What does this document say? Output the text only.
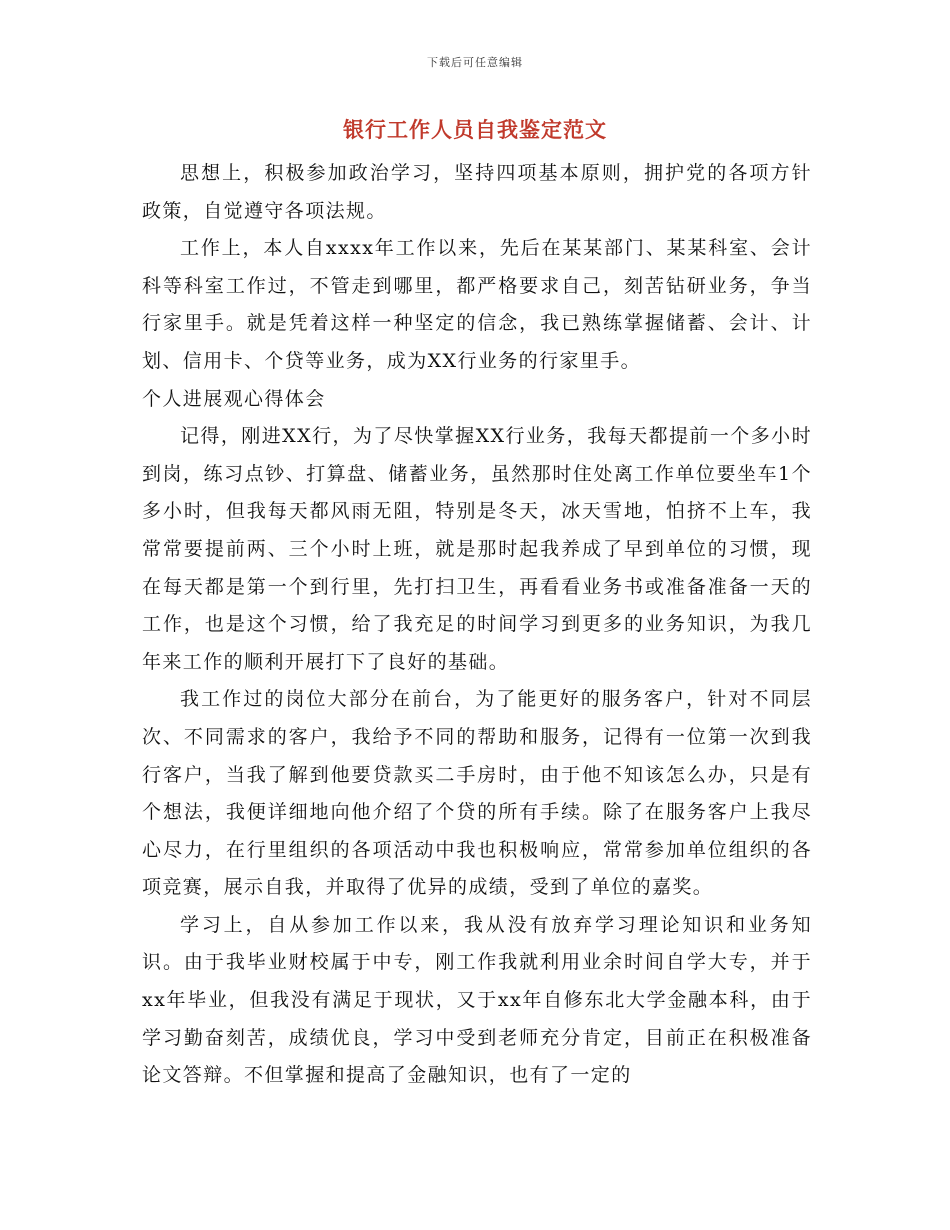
下载后可任意编辑
银行工作人员自我鉴定范文

思想上，积极参加政治学习，坚持四项基本原则，拥护党的各项方针政策，自觉遵守各项法规。

工作上，本人自xxxx年工作以来，先后在某某部门、某某科室、会计科等科室工作过，不管走到哪里，都严格要求自己，刻苦钻研业务，争当行家里手。就是凭着这样一种坚定的信念，我已熟练掌握储蓄、会计、计划、信用卡、个贷等业务，成为XX行业务的行家里手。

个人进展观心得体会

记得，刚进XX行，为了尽快掌握XX行业务，我每天都提前一个多小时到岗，练习点钞、打算盘、储蓄业务，虽然那时住处离工作单位要坐车1个多小时，但我每天都风雨无阻，特别是冬天，冰天雪地，怕挤不上车，我常常要提前两、三个小时上班，就是那时起我养成了早到单位的习惯，现在每天都是第一个到行里，先打扫卫生，再看看业务书或准备准备一天的工作，也是这个习惯，给了我充足的时间学习到更多的业务知识，为我几年来工作的顺利开展打下了良好的基础。

我工作过的岗位大部分在前台，为了能更好的服务客户，针对不同层次、不同需求的客户，我给予不同的帮助和服务，记得有一位第一次到我行客户，当我了解到他要贷款买二手房时，由于他不知该怎么办，只是有个想法，我便详细地向他介绍了个贷的所有手续。除了在服务客户上我尽心尽力，在行里组织的各项活动中我也积极响应，常常参加单位组织的各项竞赛，展示自我，并取得了优异的成绩，受到了单位的嘉奖。

学习上，自从参加工作以来，我从没有放弃学习理论知识和业务知识。由于我毕业财校属于中专，刚工作我就利用业余时间自学大专，并于xx年毕业，但我没有满足于现状，又于xx年自修东北大学金融本科，由于学习勤奋刻苦，成绩优良，学习中受到老师充分肯定，目前正在积极准备论文答辩。不但掌握和提高了金融知识，也有了一定的
